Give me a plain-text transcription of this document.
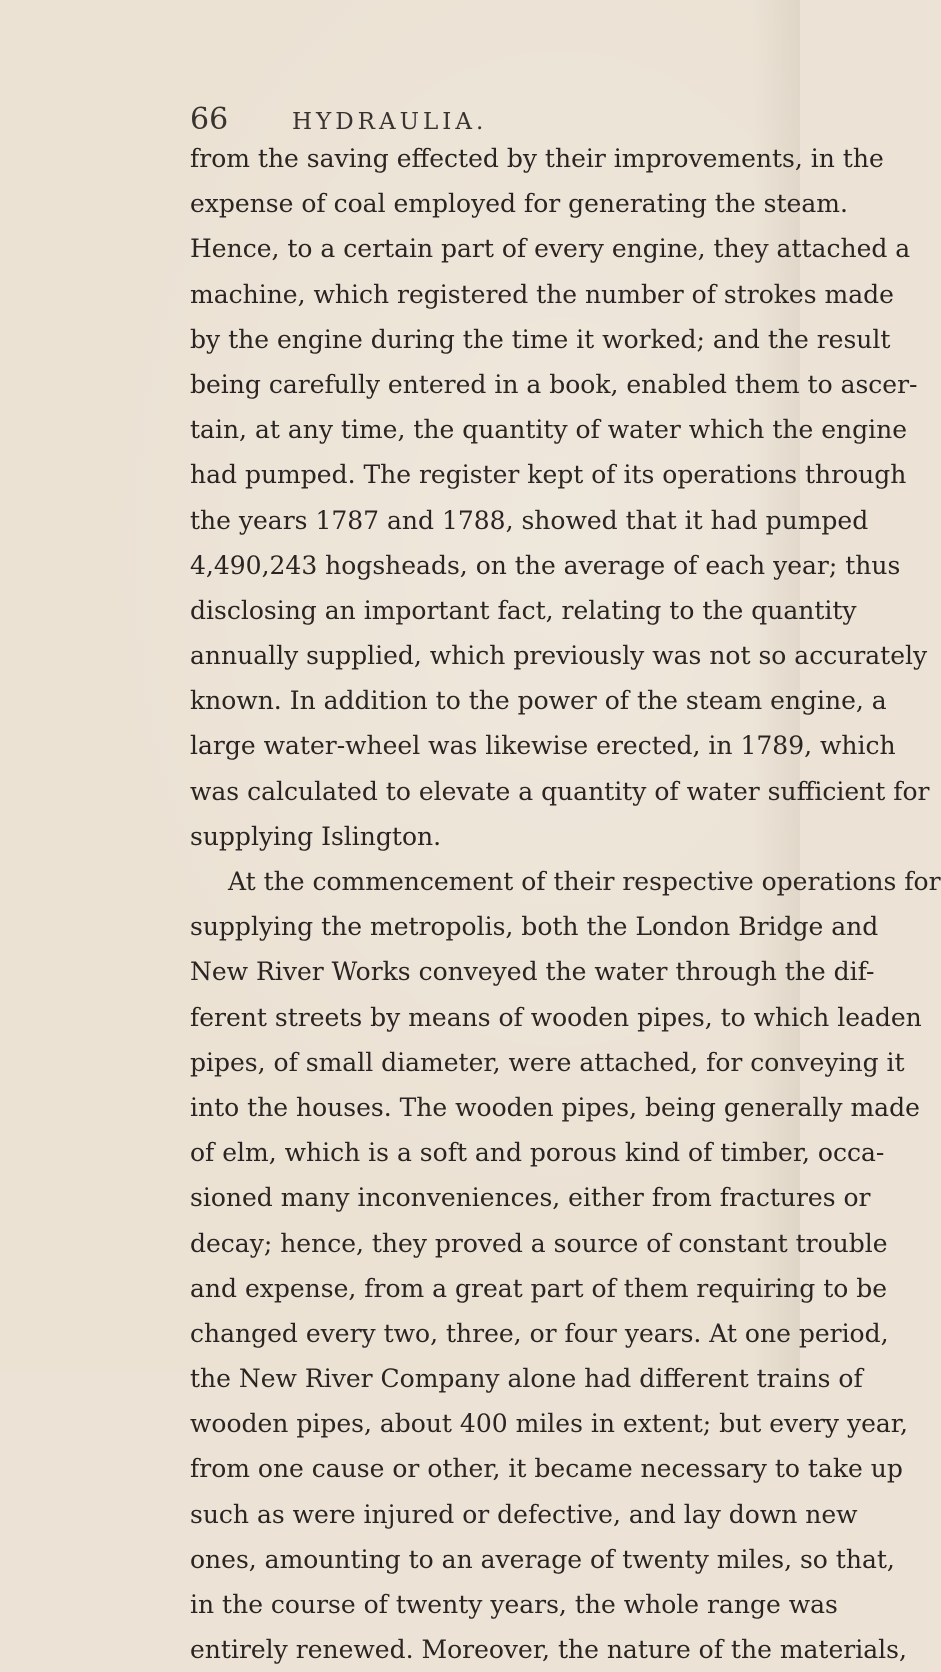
66	HYDRAULIA.
from the saving effected by their improvements, in the
expense of coal employed for generating the steam.
Hence, to a certain part of every engine, they attached a
machine, which registered the number of strokes made
by the engine during the time it worked; and the result
being carefully entered in a book, enabled them to ascer-
tain, at any time, the quantity of water which the engine
had pumped. The register kept of its operations through
the years 1787 and 1788, showed that it had pumped
4,490,243 hogsheads, on the average of each year; thus
disclosing an important fact, relating to the quantity
annually supplied, which previously was not so accurately
known. In addition to the power of the steam engine, a
large water-wheel was likewise erected, in 1789, which
was calculated to elevate a quantity of water sufficient for
supplying Islington.
At the commencement of their respective operations for
supplying the metropolis, both the London Bridge and
New River Works conveyed the water through the dif-
ferent streets by means of wooden pipes, to which leaden
pipes, of small diameter, were attached, for conveying it
into the houses. The wooden pipes, being generally made
of elm, which is a soft and porous kind of timber, occa-
sioned many inconveniences, either from fractures or
decay; hence, they proved a source of constant trouble
and expense, from a great part of them requiring to be
changed every two, three, or four years. At one period,
the New River Company alone had different trains of
wooden pipes, about 400 miles in extent; but every year,
from one cause or other, it became necessary to take up
such as were injured or defective, and lay down new
ones, amounting to an average of twenty miles, so that,
in the course of twenty years, the whole range was
entirely renewed. Moreover, the nature of the materials,
